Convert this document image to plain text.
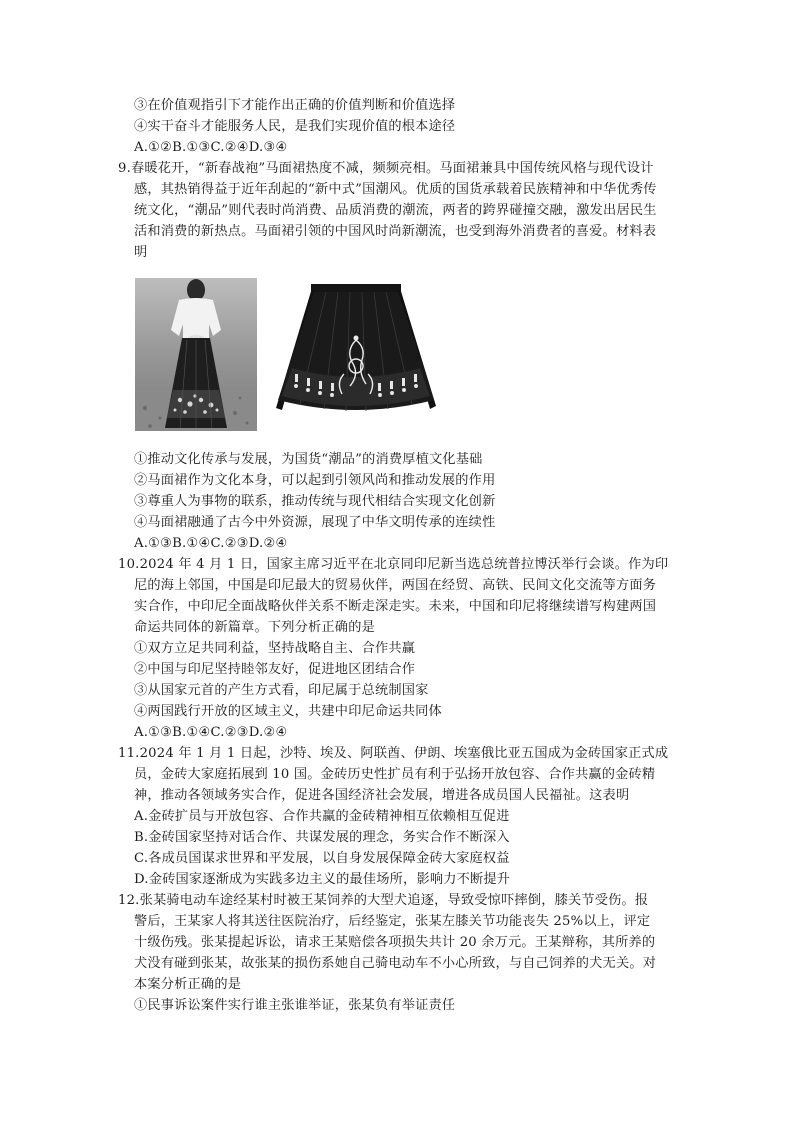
③在价值观指引下才能作出正确的价值判断和价值选择
④实干奋斗才能服务人民，是我们实现价值的根本途径
A.①②B.①③C.②④D.③④
9.春暖花开，“新春战袍”马面裙热度不减，频频亮相。马面裙兼具中国传统风格与现代设计
感，其热销得益于近年刮起的“新中式”国潮风。优质的国货承载着民族精神和中华优秀传
统文化，“潮品”则代表时尚消费、品质消费的潮流，两者的跨界碰撞交融，激发出居民生
活和消费的新热点。马面裙引领的中国风时尚新潮流，也受到海外消费者的喜爱。材料表
明
①推动文化传承与发展，为国货“潮品”的消费厚植文化基础
②马面裙作为文化本身，可以起到引领风尚和推动发展的作用
③尊重人为事物的联系，推动传统与现代相结合实现文化创新
④马面裙融通了古今中外资源，展现了中华文明传承的连续性
A.①③B.①④C.②③D.②④
10.2024 年 4 月 1 日，国家主席习近平在北京同印尼新当选总统普拉博沃举行会谈。作为印
尼的海上邻国，中国是印尼最大的贸易伙伴，两国在经贸、高铁、民间文化交流等方面务
实合作，中印尼全面战略伙伴关系不断走深走实。未来，中国和印尼将继续谱写构建两国
命运共同体的新篇章。下列分析正确的是
①双方立足共同利益，坚持战略自主、合作共赢
②中国与印尼坚持睦邻友好，促进地区团结合作
③从国家元首的产生方式看，印尼属于总统制国家
④两国践行开放的区域主义，共建中印尼命运共同体
A.①③B.①④C.②③D.②④
11.2024 年 1 月 1 日起，沙特、埃及、阿联酋、伊朗、埃塞俄比亚五国成为金砖国家正式成
员，金砖大家庭拓展到 10 国。金砖历史性扩员有利于弘扬开放包容、合作共赢的金砖精
神，推动各领域务实合作，促进各国经济社会发展，增进各成员国人民福祉。这表明
A.金砖扩员与开放包容、合作共赢的金砖精神相互依赖相互促进
B.金砖国家坚持对话合作、共谋发展的理念，务实合作不断深入
C.各成员国谋求世界和平发展，以自身发展保障金砖大家庭权益
D.金砖国家逐渐成为实践多边主义的最佳场所，影响力不断提升
12.张某骑电动车途经某村时被王某饲养的大型犬追逐，导致受惊吓摔倒，膝关节受伤。报
警后，王某家人将其送往医院治疗，后经鉴定，张某左膝关节功能丧失 25%以上，评定
十级伤残。张某提起诉讼，请求王某赔偿各项损失共计 20 余万元。王某辩称，其所养的
犬没有碰到张某，故张某的损伤系她自己骑电动车不小心所致，与自己饲养的犬无关。对
本案分析正确的是
①民事诉讼案件实行谁主张谁举证，张某负有举证责任
